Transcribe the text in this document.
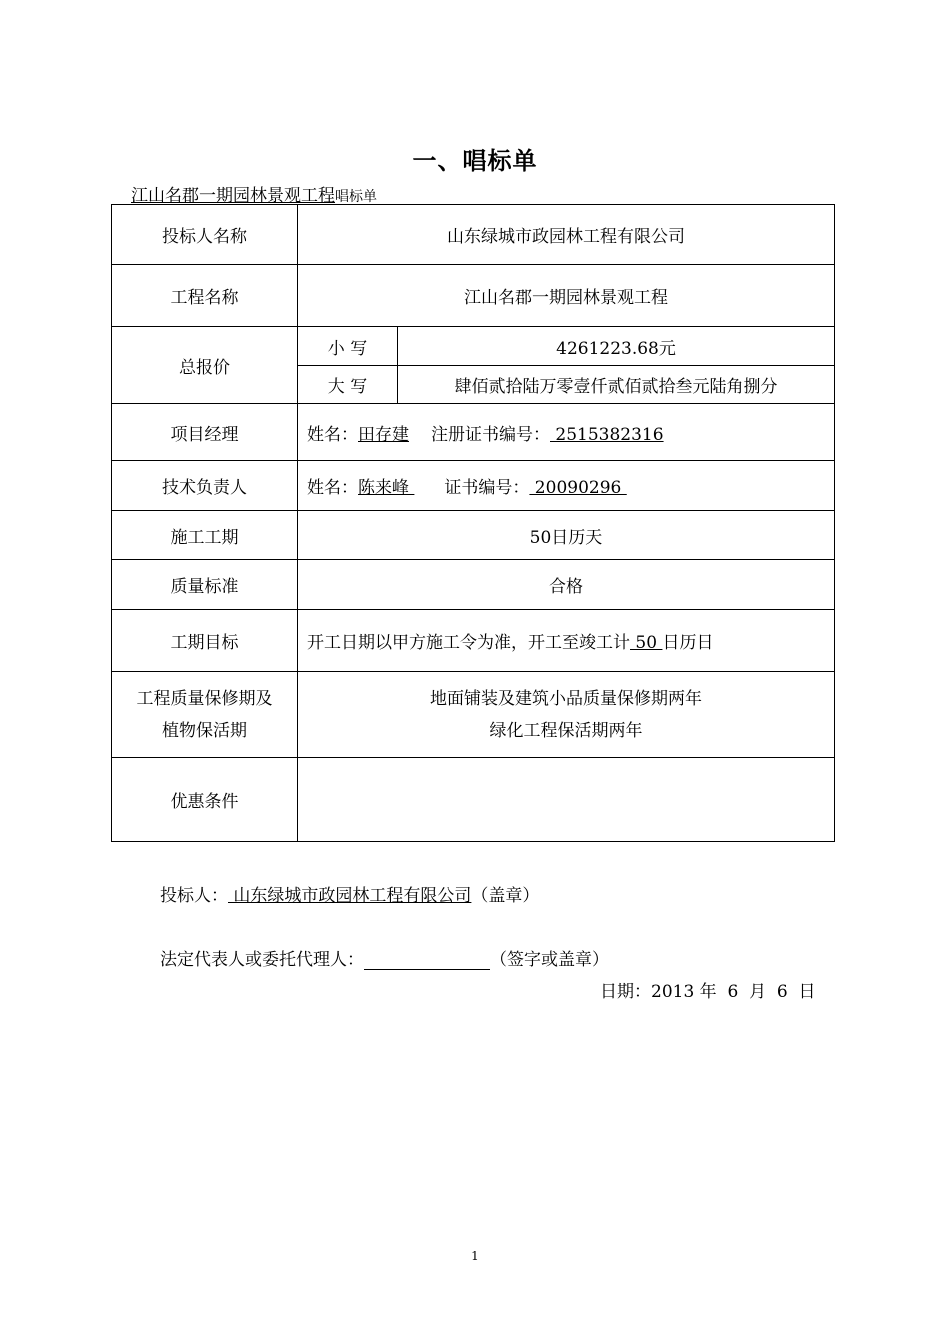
一、唱标单
江山名郡一期园林景观工程唱标单
投标人名称	山东绿城市政园林工程有限公司	
工程名称	江山名郡一期园林景观工程	
总报价	小 写	4261223.68元
	大 写	肆佰贰拾陆万零壹仟贰佰贰拾叁元陆角捌分
项目经理	姓名：田存建 注册证书编号： 2515382316	
技术负责人	姓名：陈来峰 证书编号： 20090296	
施工工期	50日历天	
质量标准	合格	
工期目标	开工日期以甲方施工令为准，开工至竣工计 50 日历日	

工程质量保修期及
植物保活期	地面铺装及建筑小品质量保修期两年
绿化工程保活期两年	

优惠条件		
投标人： 山东绿城市政园林工程有限公司（盖章）
法定代表人或委托代理人：	（签字或盖章）
日期：2013 年  6  月  6  日
1
